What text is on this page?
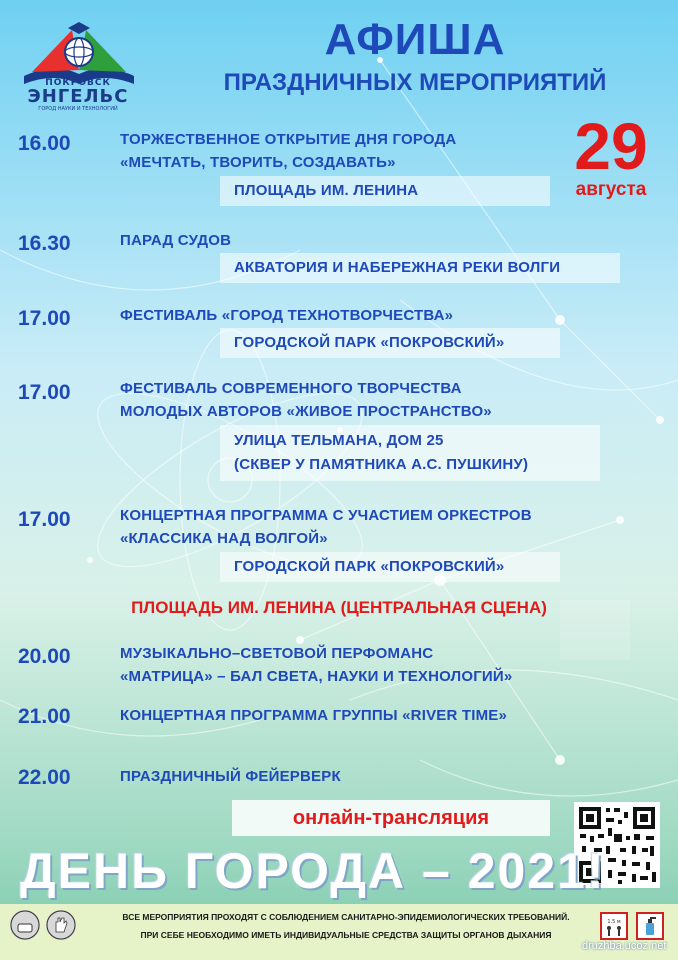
ПОКРОВСК
ЭНГЕЛЬС
ГОРОД НАУКИ И ТЕХНОЛОГИЙ
АФИША
ПРАЗДНИЧНЫХ МЕРОПРИЯТИЙ
29
августа
16.00	ТОРЖЕСТВЕННОЕ ОТКРЫТИЕ ДНЯ ГОРОДА
«МЕЧТАТЬ, ТВОРИТЬ, СОЗДАВАТЬ»
ПЛОЩАДЬ ИМ. ЛЕНИНА
16.30	ПАРАД СУДОВ
АКВАТОРИЯ И НАБЕРЕЖНАЯ РЕКИ ВОЛГИ
17.00	ФЕСТИВАЛЬ «ГОРОД ТЕХНОТВОРЧЕСТВА»
ГОРОДСКОЙ ПАРК «ПОКРОВСКИЙ»
17.00	ФЕСТИВАЛЬ СОВРЕМЕННОГО ТВОРЧЕСТВА
МОЛОДЫХ АВТОРОВ «ЖИВОЕ ПРОСТРАНСТВО»
УЛИЦА ТЕЛЬМАНА, ДОМ 25
(СКВЕР У ПАМЯТНИКА А.С. ПУШКИНУ)
17.00	КОНЦЕРТНАЯ ПРОГРАММА С УЧАСТИЕМ ОРКЕСТРОВ
«КЛАССИКА НАД ВОЛГОЙ»
ГОРОДСКОЙ ПАРК «ПОКРОВСКИЙ»
ПЛОЩАДЬ ИМ. ЛЕНИНА (ЦЕНТРАЛЬНАЯ СЦЕНА)
20.00	МУЗЫКАЛЬНО–СВЕТОВОЙ ПЕРФОМАНС
«МАТРИЦА» – БАЛ СВЕТА, НАУКИ И ТЕХНОЛОГИЙ»
21.00	КОНЦЕРТНАЯ ПРОГРАММА ГРУППЫ «RIVER TIME»
22.00	ПРАЗДНИЧНЫЙ ФЕЙЕРВЕРК
онлайн-трансляция
ДЕНЬ ГОРОДА – 2021!
ВСЕ МЕРОПРИЯТИЯ ПРОХОДЯТ С СОБЛЮДЕНИЕМ САНИТАРНО-ЭПИДЕМИОЛОГИЧЕСКИХ ТРЕБОВАНИЙ.
ПРИ СЕБЕ НЕОБХОДИМО ИМЕТЬ ИНДИВИДУАЛЬНЫЕ СРЕДСТВА ЗАЩИТЫ ОРГАНОВ ДЫХАНИЯ
1.5 м
druzhba.ucoz.net
